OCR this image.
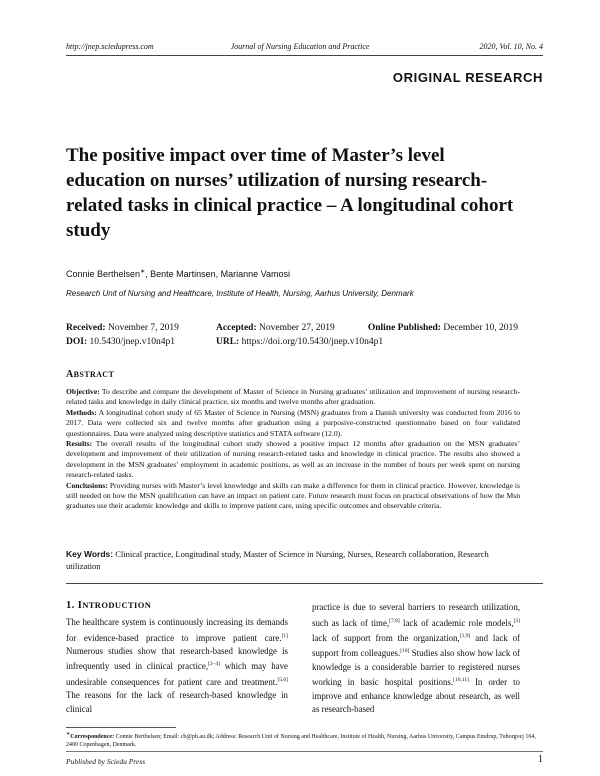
http://jnep.sciedupress.com	Journal of Nursing Education and Practice	2020, Vol. 10, No. 4
ORIGINAL RESEARCH
The positive impact over time of Master’s level education on nurses’ utilization of nursing research-related tasks in clinical practice – A longitudinal cohort study
Connie Berthelsen∗, Bente Martinsen, Marianne Vamosi
Research Unit of Nursing and Healthcare, Institute of Health, Nursing, Aarhus University, Denmark
Received: November 7, 2019	Accepted: November 27, 2019	Online Published: December 10, 2019
DOI: 10.5430/jnep.v10n4p1	URL: https://doi.org/10.5430/jnep.v10n4p1
ABSTRACT

Objective: To describe and compare the development of Master of Science in Nursing graduates’ utilization and improvement of nursing research-related tasks and knowledge in daily clinical practice, six months and twelve months after graduation.

Methods: A longitudinal cohort study of 65 Master of Science in Nursing (MSN) graduates from a Danish university was conducted from 2016 to 2017. Data were collected six and twelve months after graduation using a purposive-constructed questionnaire based on four validated questionnaires. Data were analyzed using descriptive statistics and STATA software (12.0).

Results: The overall results of the longitudinal cohort study showed a positive impact 12 months after graduation on the MSN graduates’ development and improvement of their utilization of nursing research-related tasks and knowledge in clinical practice. The results also showed a development in the MSN graduates’ employment in academic positions, as well as an increase in the number of hours per week spent on nursing research-related tasks.

Conclusions: Providing nurses with Master’s level knowledge and skills can make a difference for them in clinical practice. However, knowledge is still needed on how the MSN qualification can have an impact on patient care. Future research must focus on practical observations of how the Msn graduates use their academic knowledge and skills to improve patient care, using specific outcomes and observable criteria.

Key Words: Clinical practice, Longitudinal study, Master of Science in Nursing, Nurses, Research collaboration, Research utilization
1. INTRODUCTION
The healthcare system is continuously increasing its demands for evidence-based practice to improve patient care.[1] Numerous studies show that research-based knowledge is infrequently used in clinical practice,[2–4] which may have undesirable consequences for patient care and treatment.[5,6] The reasons for the lack of research-based knowledge in clinical
practice is due to several barriers to research utilization, such as lack of time,[7,8] lack of academic role models,[3] lack of support from the organization,[1,9] and lack of support from colleagues.[10] Studies also show how lack of knowledge is a considerable barrier to registered nurses working in basic hospital positions.[10,11] In order to improve and enhance knowledge about research, as well as research-based
∗Correspondence: Connie Berthelsen; Email: cb@ph.au.dk; Address: Research Unit of Nursing and Healthcare, Institute of Health, Nursing, Aarhus University, Campus Emdrup, Tuborgvej 164, 2400 Copenhagen, Denmark.
Published by Sciedu Press	1
